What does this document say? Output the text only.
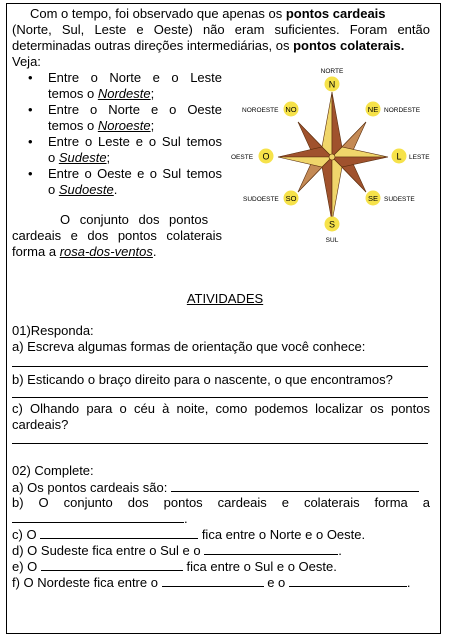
Com o tempo, foi observado que apenas os pontos cardeais
(Norte, Sul, Leste e Oeste) não eram suficientes. Foram então
determinadas outras direções intermediárias, os pontos colaterais.
Veja:
• Entre o Norte e o Leste
temos o Nordeste;
• Entre o Norte e o Oeste
temos o Noroeste;
• Entre o Leste e o Sul temos
o Sudeste;
• Entre o Oeste e o Sul temos
o Sudoeste.
O conjunto dos pontos
cardeais e dos pontos colaterais
forma a rosa-dos-ventos.
NORTE
N
S
SUL
OESTE O	L LESTE
NOROESTE NO	NE NORDESTE
SUDOESTE SO	SE SUDESTE
ATIVIDADES
01)Responda:
a) Escreva algumas formas de orientação que você conhece:
b) Esticando o braço direito para o nascente, o que encontramos?
c) Olhando para o céu à noite, como podemos localizar os pontos
cardeais?
02) Complete:
a) Os pontos cardeais são:
b) O conjunto dos pontos cardeais e colaterais forma a
.
c) O	fica entre o Norte e o Oeste.
d) O Sudeste fica entre o Sul e o	.
e) O	fica entre o Sul e o Oeste.
f) O Nordeste fica entre o	e o	.
